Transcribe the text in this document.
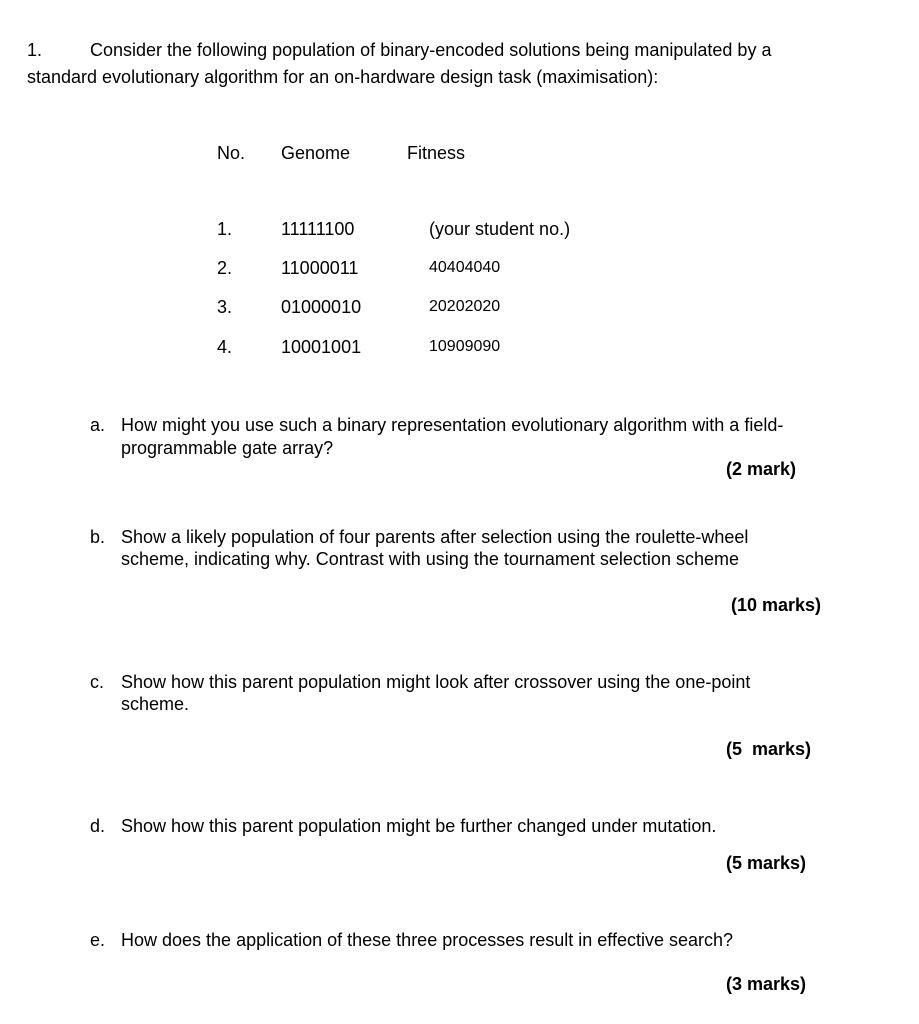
1.	Consider the following population of binary-encoded solutions being manipulated by a
standard evolutionary algorithm for an on-hardware design task (maximisation):
No. Genome	Fitness
1.	11111100	(your student no.)
2.	11000011	40404040
3.	01000010	20202020
4.	10001001	10909090
a. How might you use such a binary representation evolutionary algorithm with a field-
programmable gate array?
(2 mark)
b. Show a likely population of four parents after selection using the roulette-wheel
scheme, indicating why. Contrast with using the tournament selection scheme
(10 marks)
c. Show how this parent population might look after crossover using the one-point
scheme.
(5  marks)
d. Show how this parent population might be further changed under mutation.
(5 marks)
e. How does the application of these three processes result in effective search?
(3 marks)
